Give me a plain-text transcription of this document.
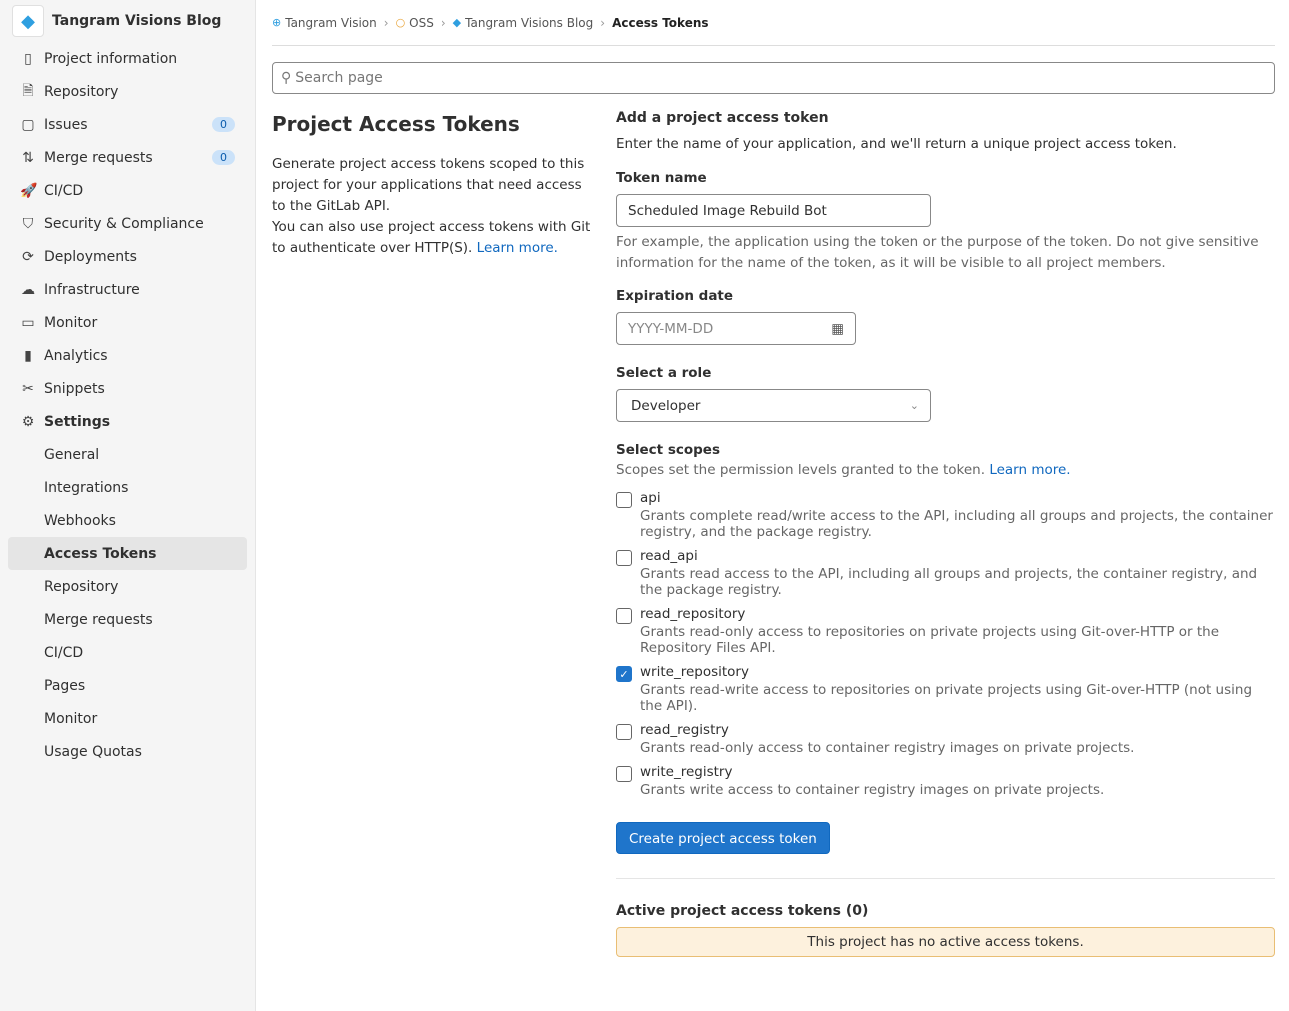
◆	Tangram Visions Blog
▯ Project information
🗎 Repository
▢ Issues	0
⇅ Merge requests	0
🚀 CI/CD
⛉ Security & Compliance
⟳ Deployments
☁ Infrastructure
▭ Monitor
▮ Analytics
✂ Snippets
⚙ Settings
General
Integrations
Webhooks
Access Tokens
Repository
Merge requests
CI/CD
Pages
Monitor
Usage Quotas
⊕ Tangram Vision › ○ OSS › ◆ Tangram Visions Blog › Access Tokens
⚲ Search page
Project Access Tokens

Generate project access tokens scoped to this project for your applications that need access to the GitLab API.

You can also use project access tokens with Git to authenticate over HTTP(S). Learn more.

Add a project access token
Enter the name of your application, and we'll return a unique project access token.
Token name
Scheduled Image Rebuild Bot
For example, the application using the token or the purpose of the token. Do not give sensitive information for the name of the token, as it will be visible to all project members.
Expiration date
YYYY-MM-DD	▦
Select a role
Developer	⌄
Select scopes
Scopes set the permission levels granted to the token. Learn more.
api
Grants complete read/write access to the API, including all groups and projects, the container registry, and the package registry.
read_api
Grants read access to the API, including all groups and projects, the container registry, and the package registry.
read_repository
Grants read-only access to repositories on private projects using Git-over-HTTP or the Repository Files API.
✓ write_repository
Grants read-write access to repositories on private projects using Git-over-HTTP (not using the API).
read_registry
Grants read-only access to container registry images on private projects.
write_registry
Grants write access to container registry images on private projects.
Create project access token
Active project access tokens (0)
This project has no active access tokens.
